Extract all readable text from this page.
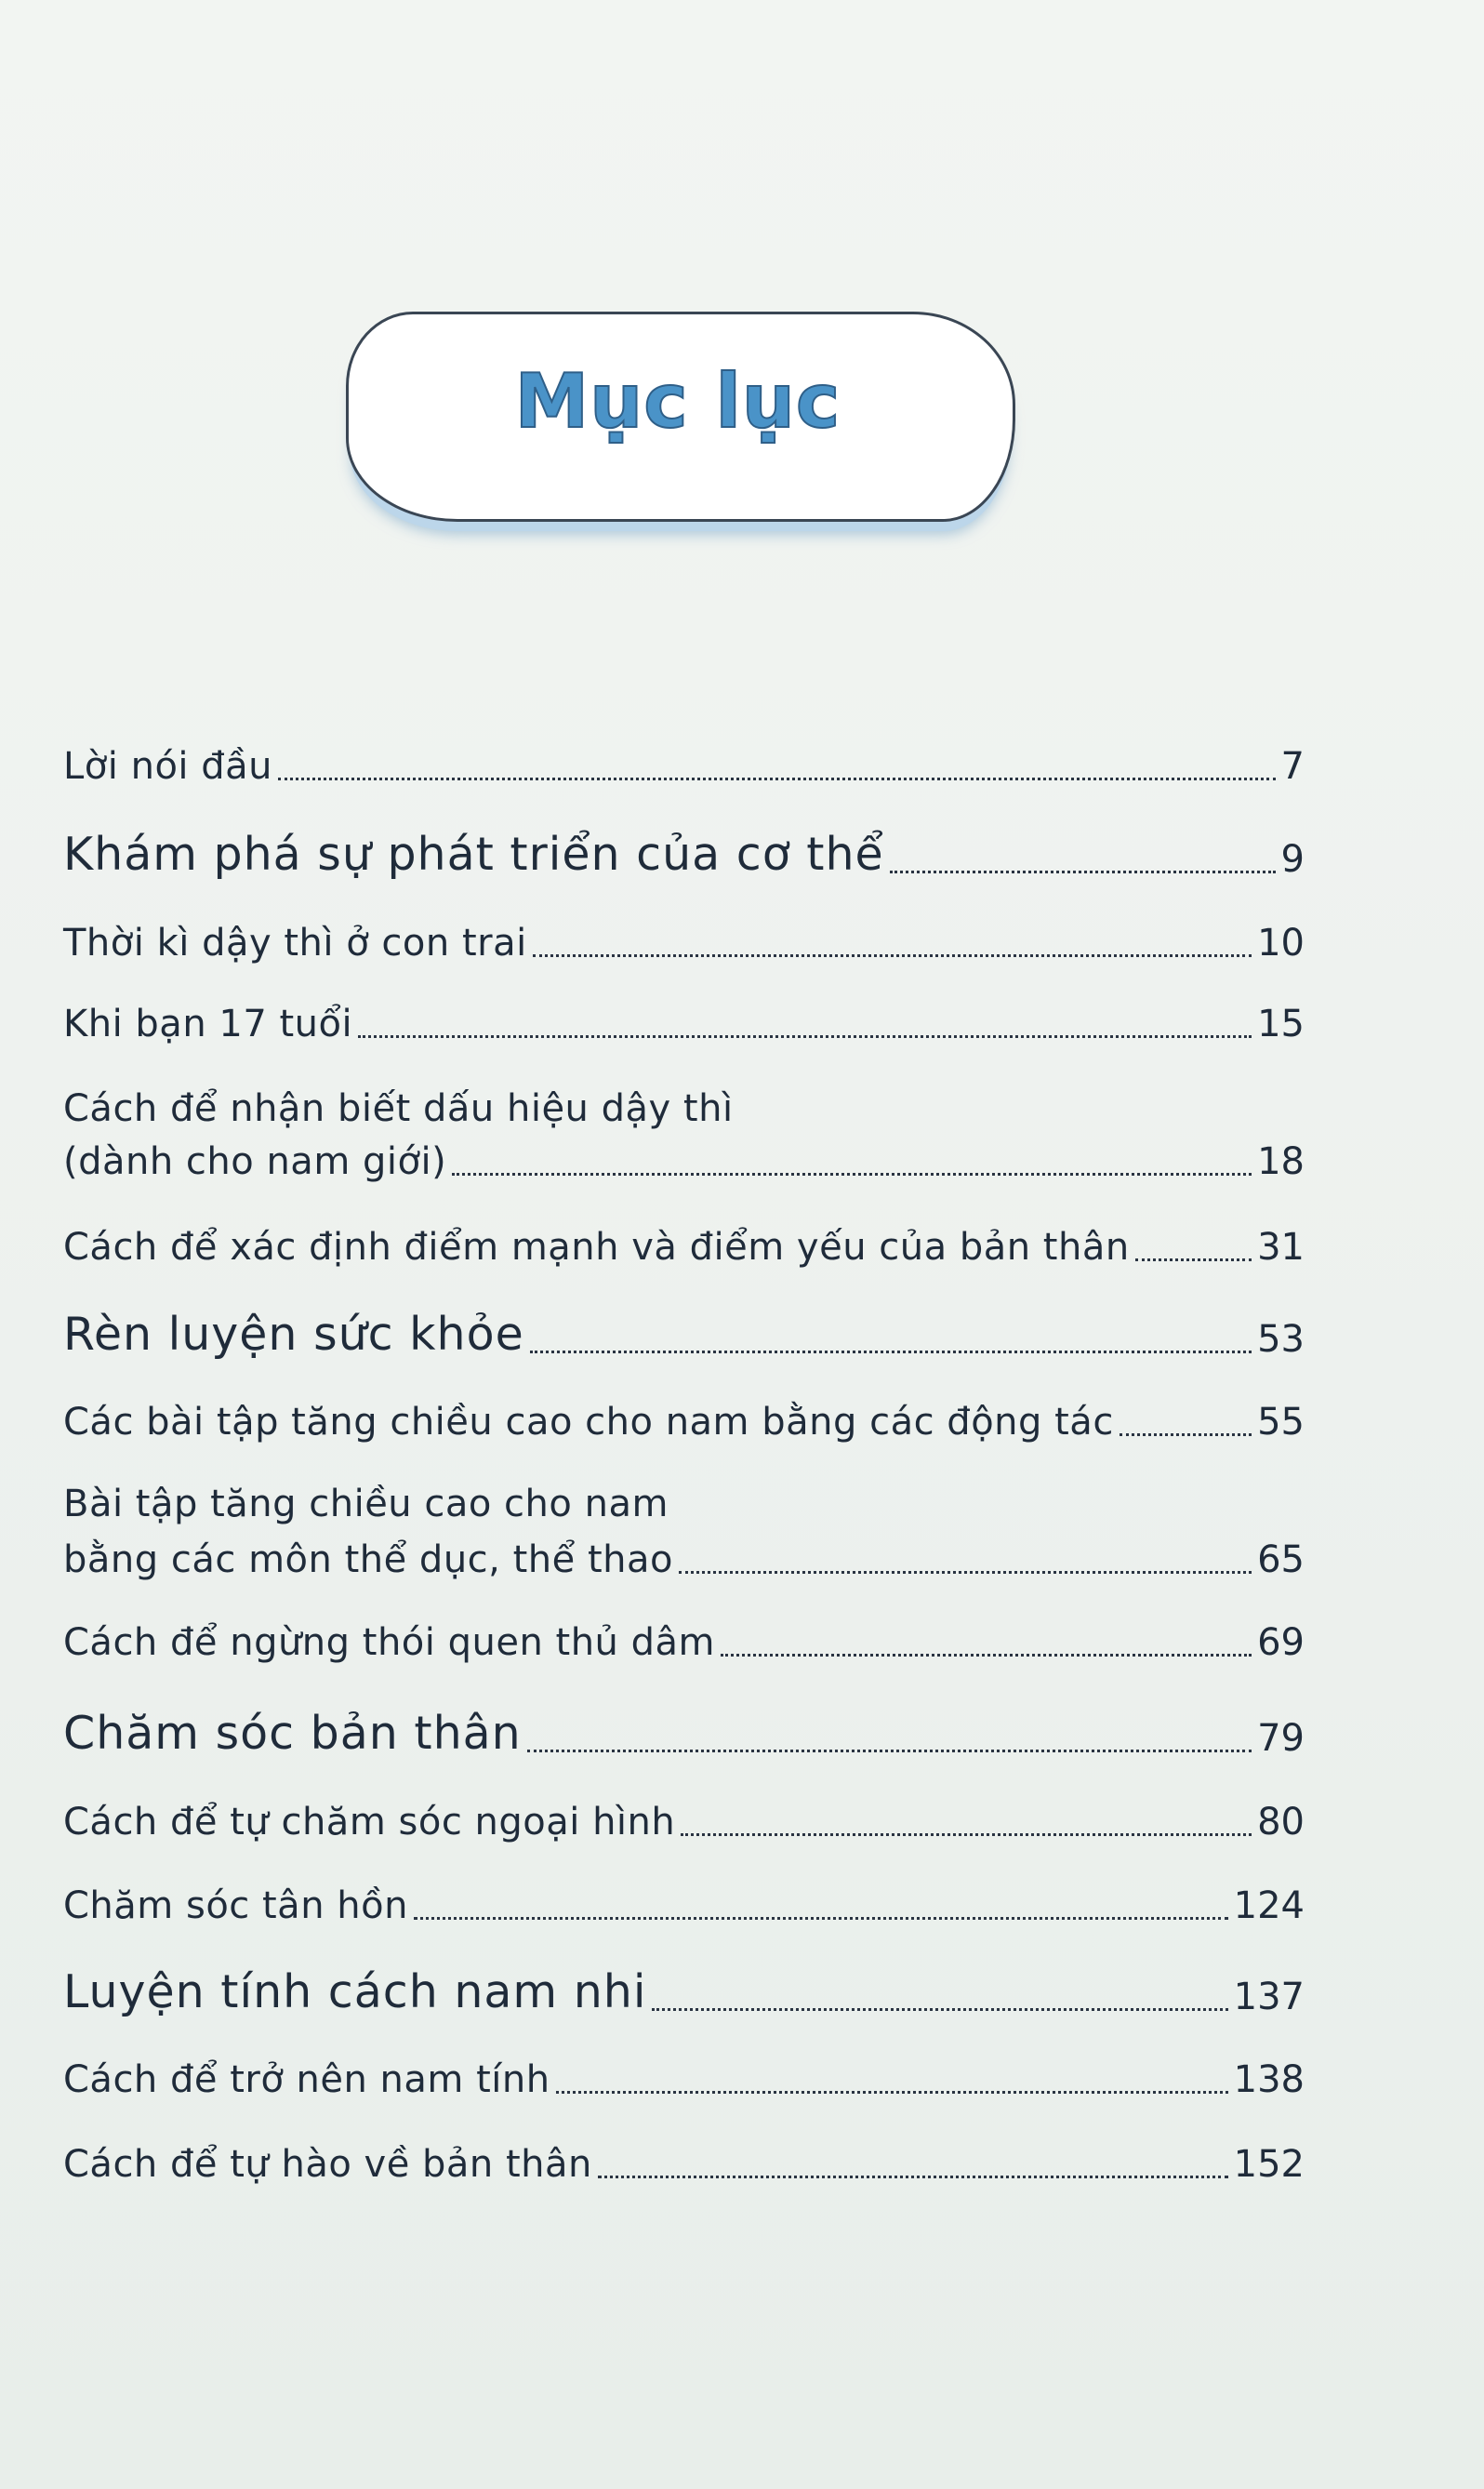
Mục lục
Lời nói đầu	7
Khám phá sự phát triển của cơ thể	9
Thời kì dậy thì ở con trai	10
Khi bạn 17 tuổi	15
Cách để nhận biết dấu hiệu dậy thì
(dành cho nam giới)	18
Cách để xác định điểm mạnh và điểm yếu của bản thân	31
Rèn luyện sức khỏe	53
Các bài tập tăng chiều cao cho nam bằng các động tác	55
Bài tập tăng chiều cao cho nam
bằng các môn thể dục, thể thao	65
Cách để ngừng thói quen thủ dâm	69
Chăm sóc bản thân	79
Cách để tự chăm sóc ngoại hình	80
Chăm sóc tân hồn	124
Luyện tính cách nam nhi	137
Cách để trở nên nam tính	138
Cách để tự hào về bản thân	152
